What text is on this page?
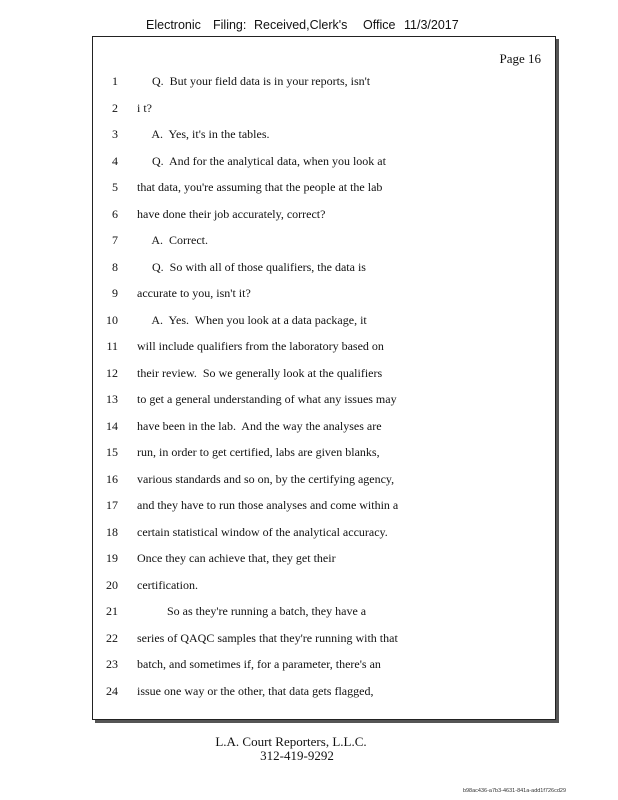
Electronic Filing: Received,Clerk's Office 11/3/2017
Page 16
1 Q.  But your field data is in your reports, isn't
2 i t?
3 A.  Yes, it's in the tables.
4 Q.  And for the analytical data, when you look at
5 that data, you're assuming that the people at the lab
6 have done their job accurately, correct?
7 A.  Correct.
8 Q.  So with all of those qualifiers, the data is
9 accurate to you, isn't it?
10 A.  Yes.  When you look at a data package, it
11 will include qualifiers from the laboratory based on
12 their review.  So we generally look at the qualifiers
13 to get a general understanding of what any issues may
14 have been in the lab.  And the way the analyses are
15 run, in order to get certified, labs are given blanks,
16 various standards and so on, by the certifying agency,
17 and they have to run those analyses and come within a
18 certain statistical window of the analytical accuracy.
19 Once they can achieve that, they get their
20 certification.
21 So as they're running a batch, they have a
22 series of QAQC samples that they're running with that
23 batch, and sometimes if, for a parameter, there's an
24 issue one way or the other, that data gets flagged,
L.A. Court Reporters, L.L.C.
312-419-9292
b98ac436-a7b3-4631-841a-add1f726cd29
